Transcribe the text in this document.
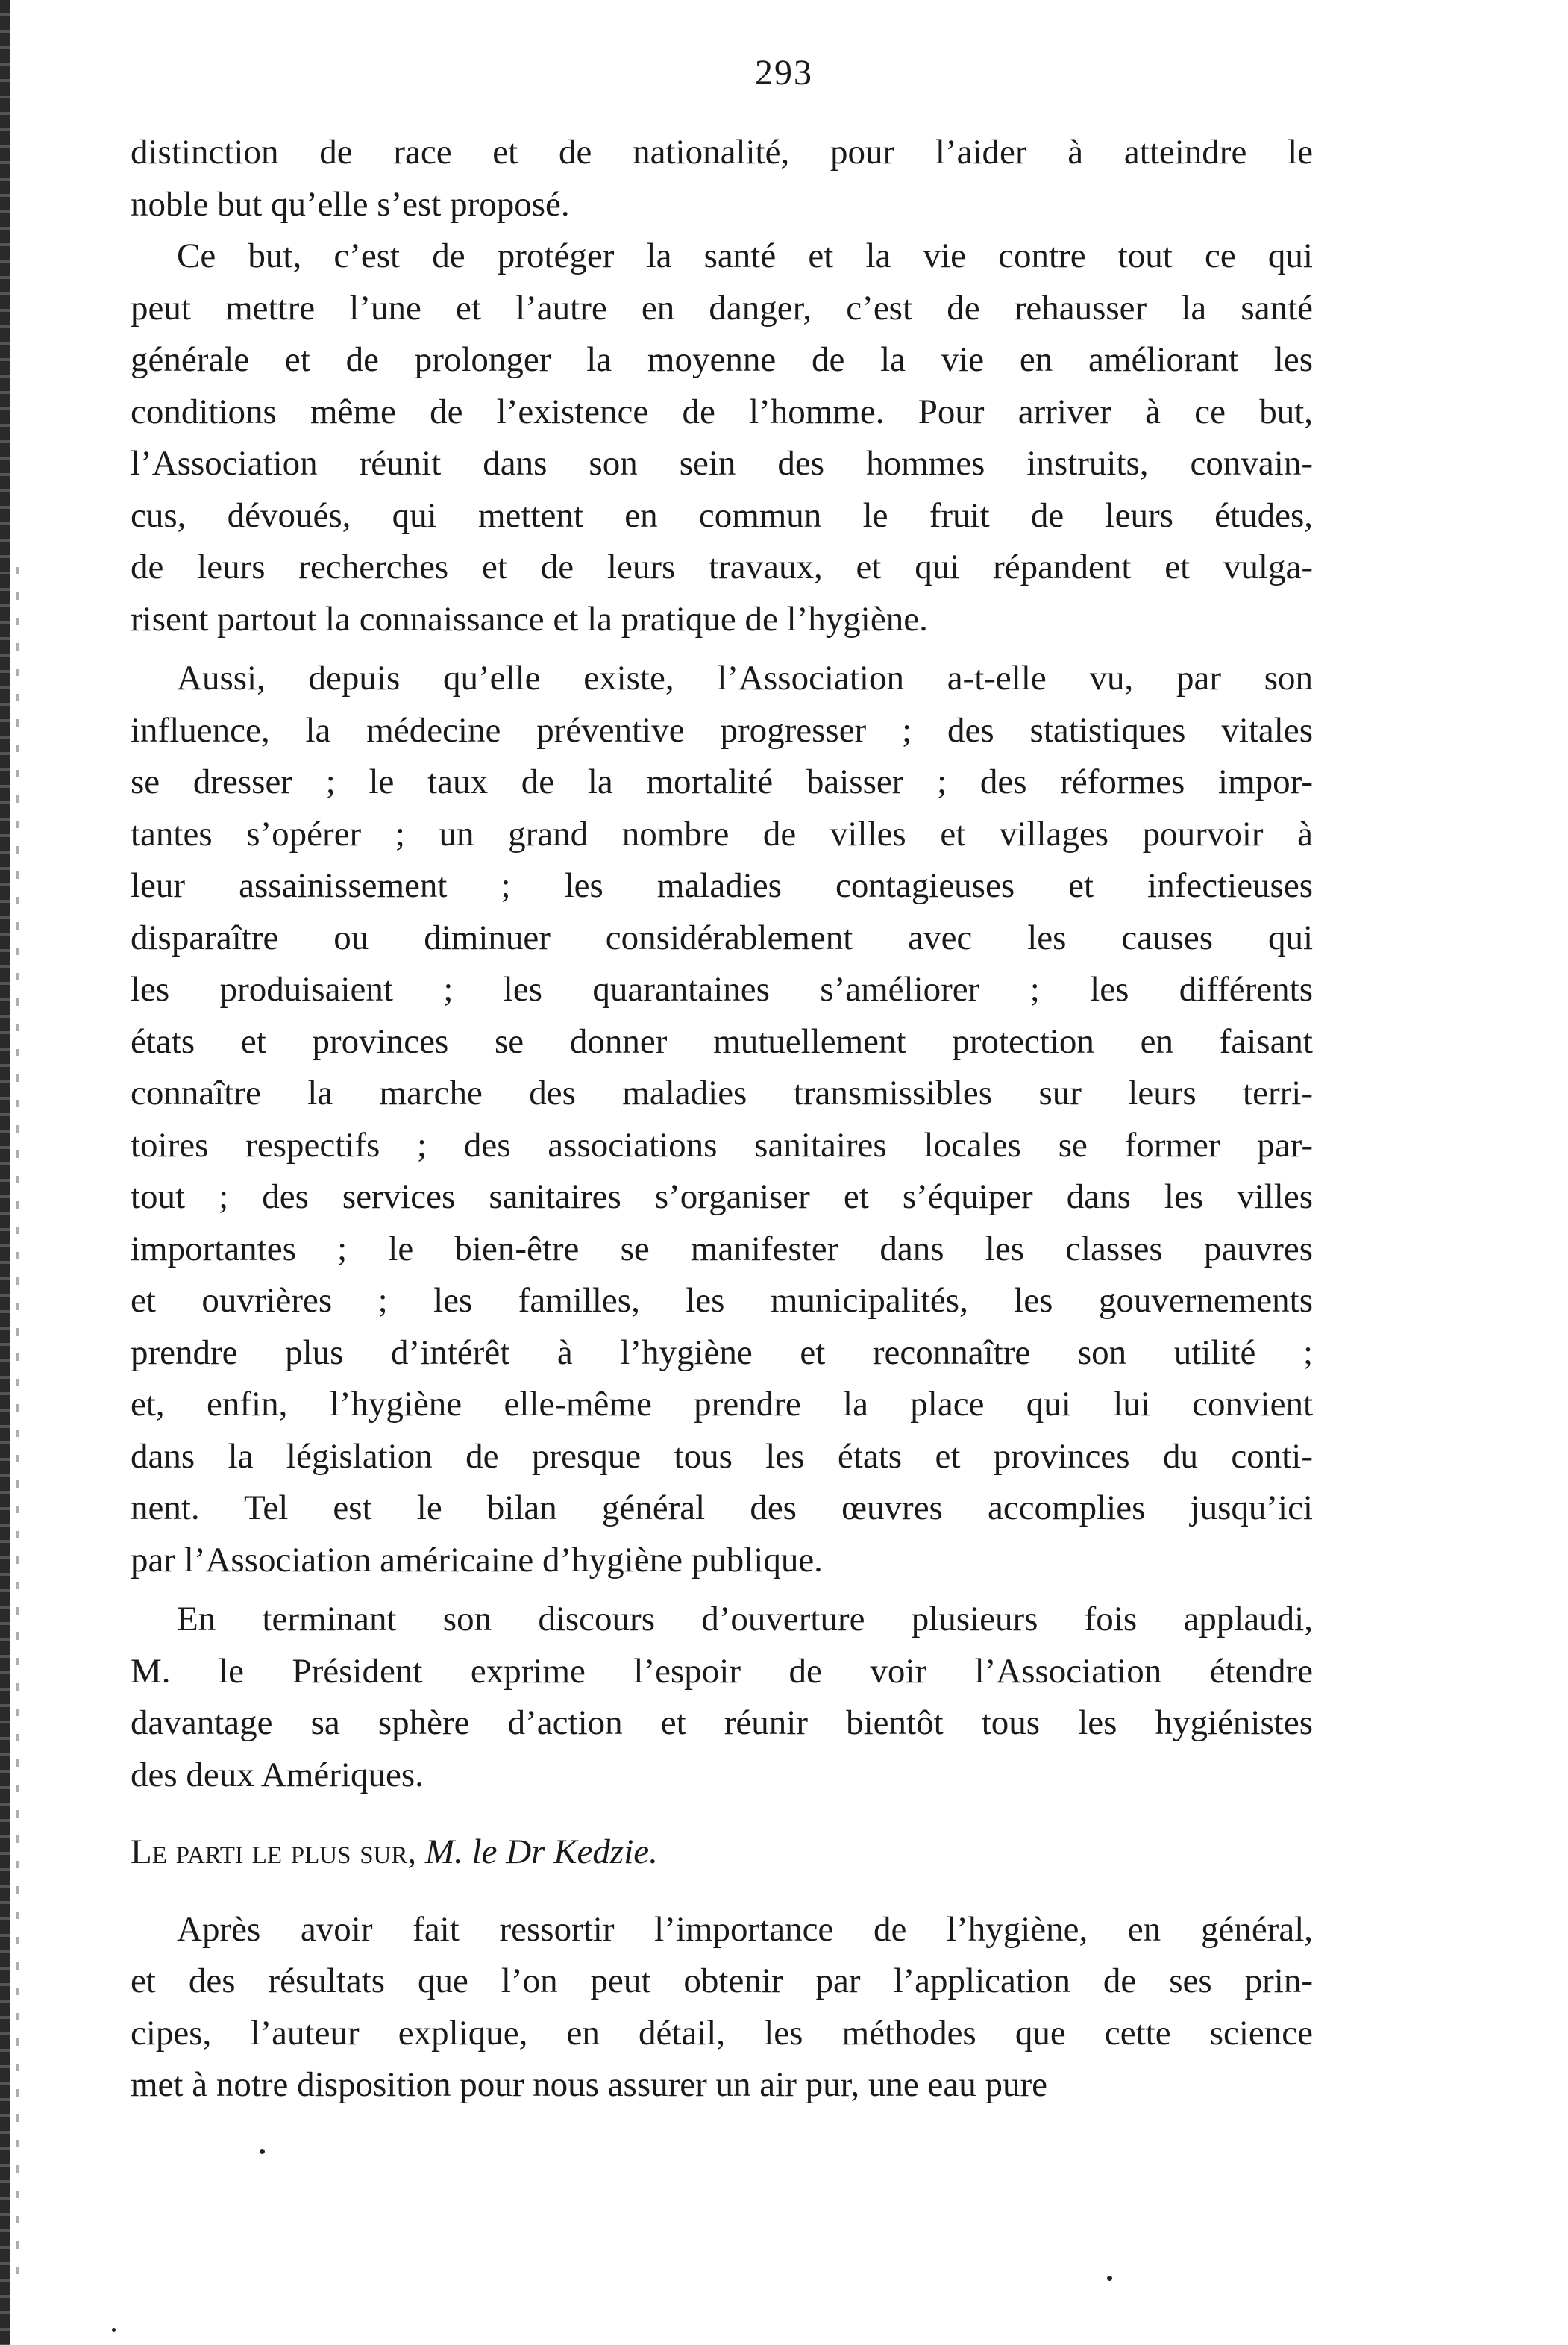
293
distinction de race et de nationalité, pour l’aider à atteindre le
noble but qu’elle s’est proposé.
Ce but, c’est de protéger la santé et la vie contre tout ce qui
peut mettre l’une et l’autre en danger, c’est de rehausser la santé
générale et de prolonger la moyenne de la vie en améliorant les
conditions même de l’existence de l’homme. Pour arriver à ce but,
l’Association réunit dans son sein des hommes instruits, convain-
cus, dévoués, qui mettent en commun le fruit de leurs études,
de leurs recherches et de leurs travaux, et qui répandent et vulga-
risent partout la connaissance et la pratique de l’hygiène.
Aussi, depuis qu’elle existe, l’Association a-t-elle vu, par son
influence, la médecine préventive progresser ; des statistiques vitales
se dresser ; le taux de la mortalité baisser ; des réformes impor-
tantes s’opérer ; un grand nombre de villes et villages pourvoir à
leur assainissement ; les maladies contagieuses et infectieuses
disparaître ou diminuer considérablement avec les causes qui
les produisaient ; les quarantaines s’améliorer ; les différents
états et provinces se donner mutuellement protection en faisant
connaître la marche des maladies transmissibles sur leurs terri-
toires respectifs ; des associations sanitaires locales se former par-
tout ; des services sanitaires s’organiser et s’équiper dans les villes
importantes ; le bien-être se manifester dans les classes pauvres
et ouvrières ; les familles, les municipalités, les gouvernements
prendre plus d’intérêt à l’hygiène et reconnaître son utilité ;
et, enfin, l’hygiène elle-même prendre la place qui lui convient
dans la législation de presque tous les états et provinces du conti-
nent. Tel est le bilan général des œuvres accomplies jusqu’ici
par l’Association américaine d’hygiène publique.
En terminant son discours d’ouverture plusieurs fois applaudi,
M. le Président exprime l’espoir de voir l’Association étendre
davantage sa sphère d’action et réunir bientôt tous les hygiénistes
des deux Amériques.
Le parti le plus sur, M. le Dr Kedzie.
Après avoir fait ressortir l’importance de l’hygiène, en général,
et des résultats que l’on peut obtenir par l’application de ses prin-
cipes, l’auteur explique, en détail, les méthodes que cette science
met à notre disposition pour nous assurer un air pur, une eau pure
